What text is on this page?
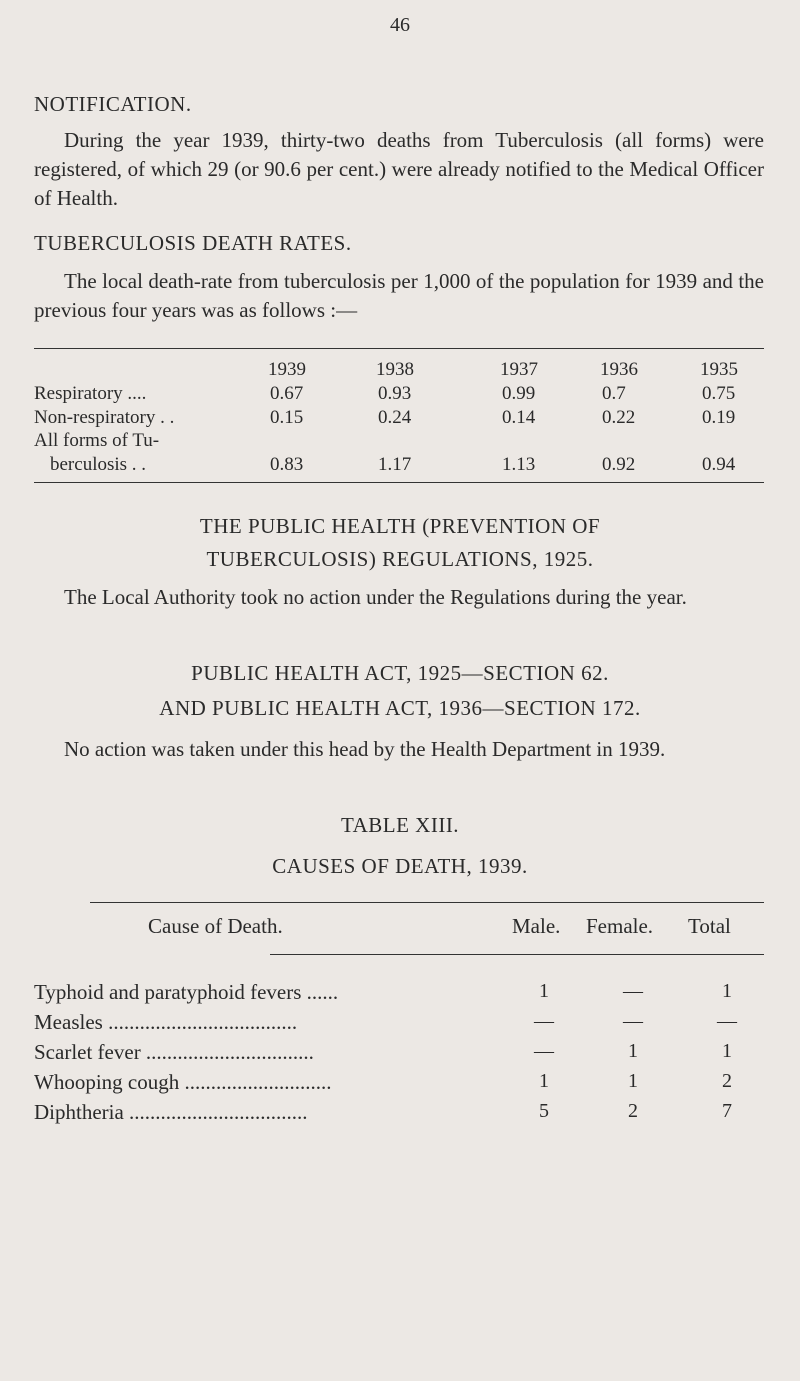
46
NOTIFICATION.
During the year 1939, thirty-two deaths from Tuberculosis (all forms) were registered, of which 29 (or 90.6 per cent.) were already notified to the Medical Officer of Health.
TUBERCULOSIS DEATH RATES.
The local death-rate from tuberculosis per 1,000 of the population for 1939 and the previous four years was as follows :—
1939	1938	1937	1936	1935
Respiratory ....	0.67	0.93	0.99	0.7	0.75
Non-respiratory . .	0.15	0.24	0.14	0.22	0.19
All forms of Tu-
berculosis . .	0.83	1.17	1.13	0.92	0.94
THE PUBLIC HEALTH (PREVENTION OF
TUBERCULOSIS) REGULATIONS, 1925.
The Local Authority took no action under the Regulations during the year.
PUBLIC HEALTH ACT, 1925—SECTION 62.
AND PUBLIC HEALTH ACT, 1936—SECTION 172.
No action was taken under this head by the Health Department in 1939.
TABLE XIII.
CAUSES OF DEATH, 1939.
Cause of Death.	Male. Female. Total
Typhoid and paratyphoid fevers ......	1	—	1
Measles ....................................	—	—	—
Scarlet fever ................................	—	1	1
Whooping cough ............................	1	1	2
Diphtheria ..................................	5	2	7
